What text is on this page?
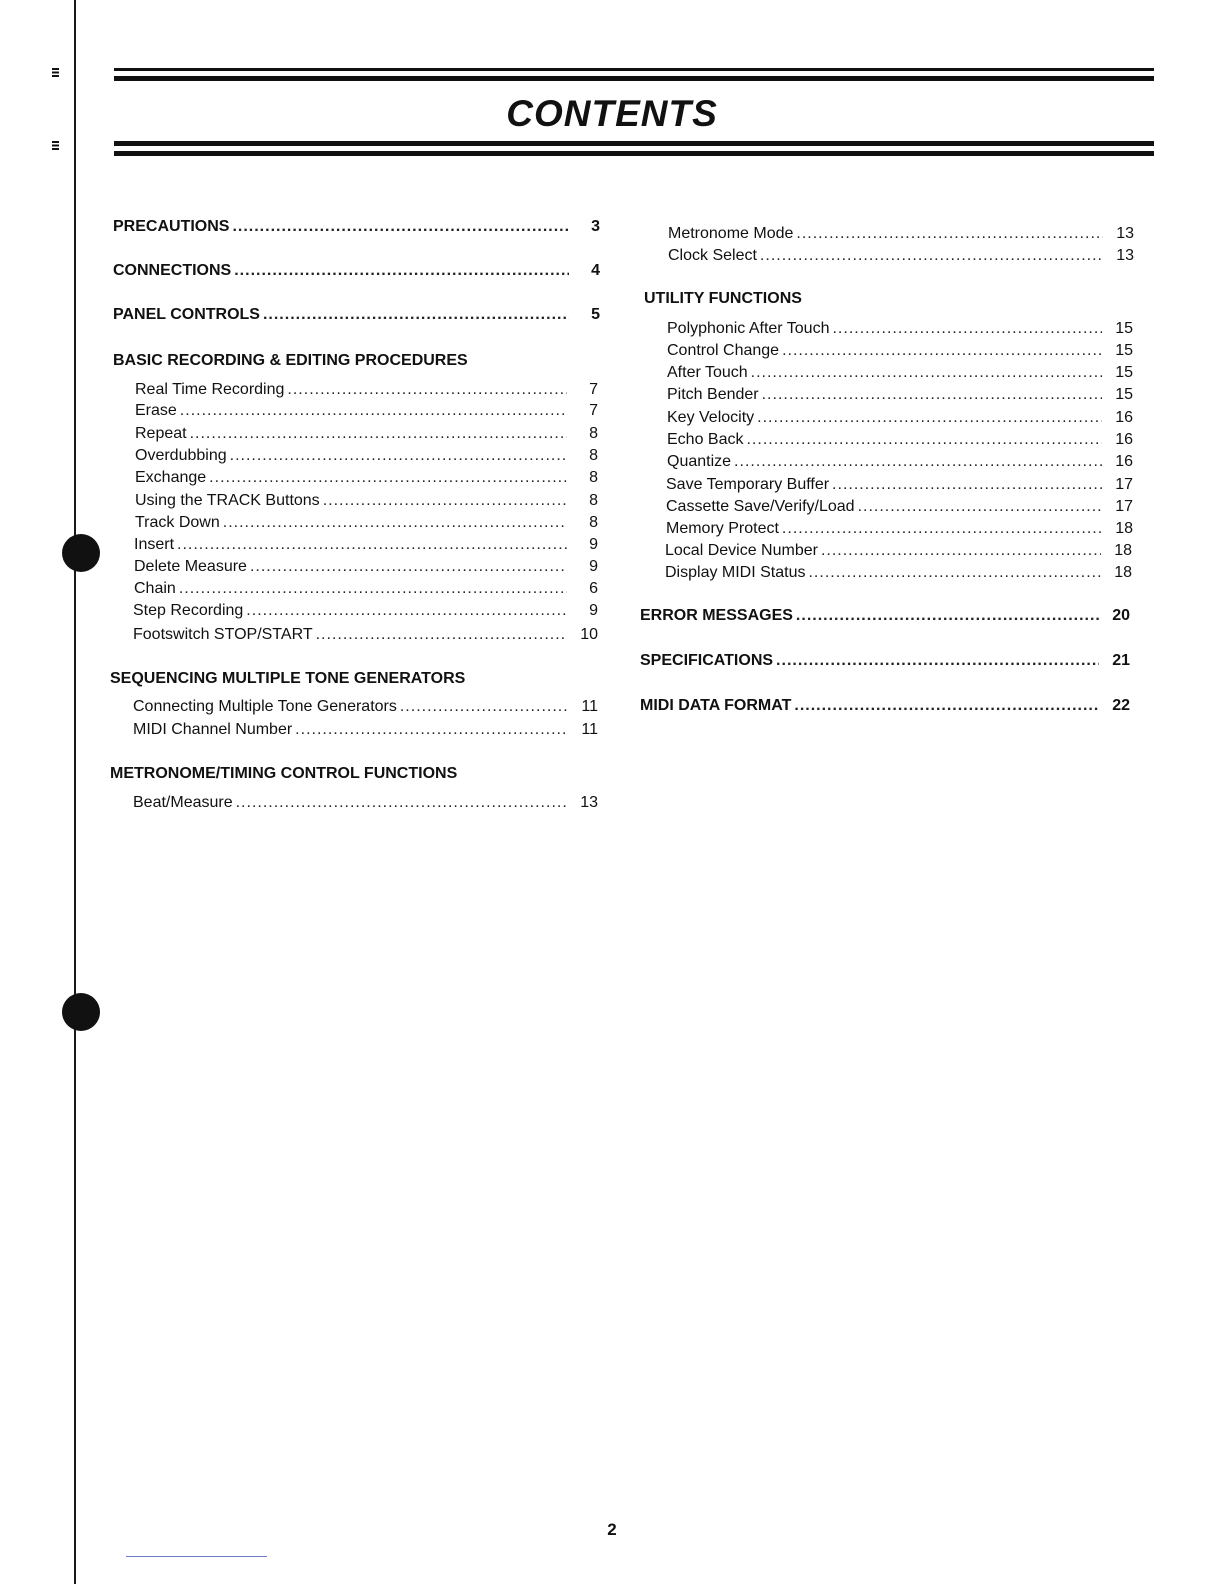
CONTENTS
PRECAUTIONS .....	3
CONNECTIONS .....	4
PANEL CONTROLS .....	5
BASIC RECORDING & EDITING PROCEDURES
Real Time Recording .....	7
Erase .....	7
Repeat .....	8
Overdubbing .....	8
Exchange .....	8
Using the TRACK Buttons .....	8
Track Down .....	8
Insert .....	9
Delete Measure .....	9
Chain .....	6
Step Recording .....	9
Footswitch STOP/START .....	10
SEQUENCING MULTIPLE TONE GENERATORS
Connecting Multiple Tone Generators .....	11
MIDI Channel Number .....	11
METRONOME/TIMING CONTROL FUNCTIONS
Beat/Measure .....	13
Metronome Mode .....	13
Clock Select .....	13
UTILITY FUNCTIONS
Polyphonic After Touch .....	15
Control Change .....	15
After Touch .....	15
Pitch Bender .....	15
Key Velocity .....	16
Echo Back .....	16
Quantize .....	16
Save Temporary Buffer .....	17
Cassette Save/Verify/Load .....	17
Memory Protect .....	18
Local Device Number .....	18
Display MIDI Status .....	18
ERROR MESSAGES .....	20
SPECIFICATIONS .....	21
MIDI DATA FORMAT .....	22
2
